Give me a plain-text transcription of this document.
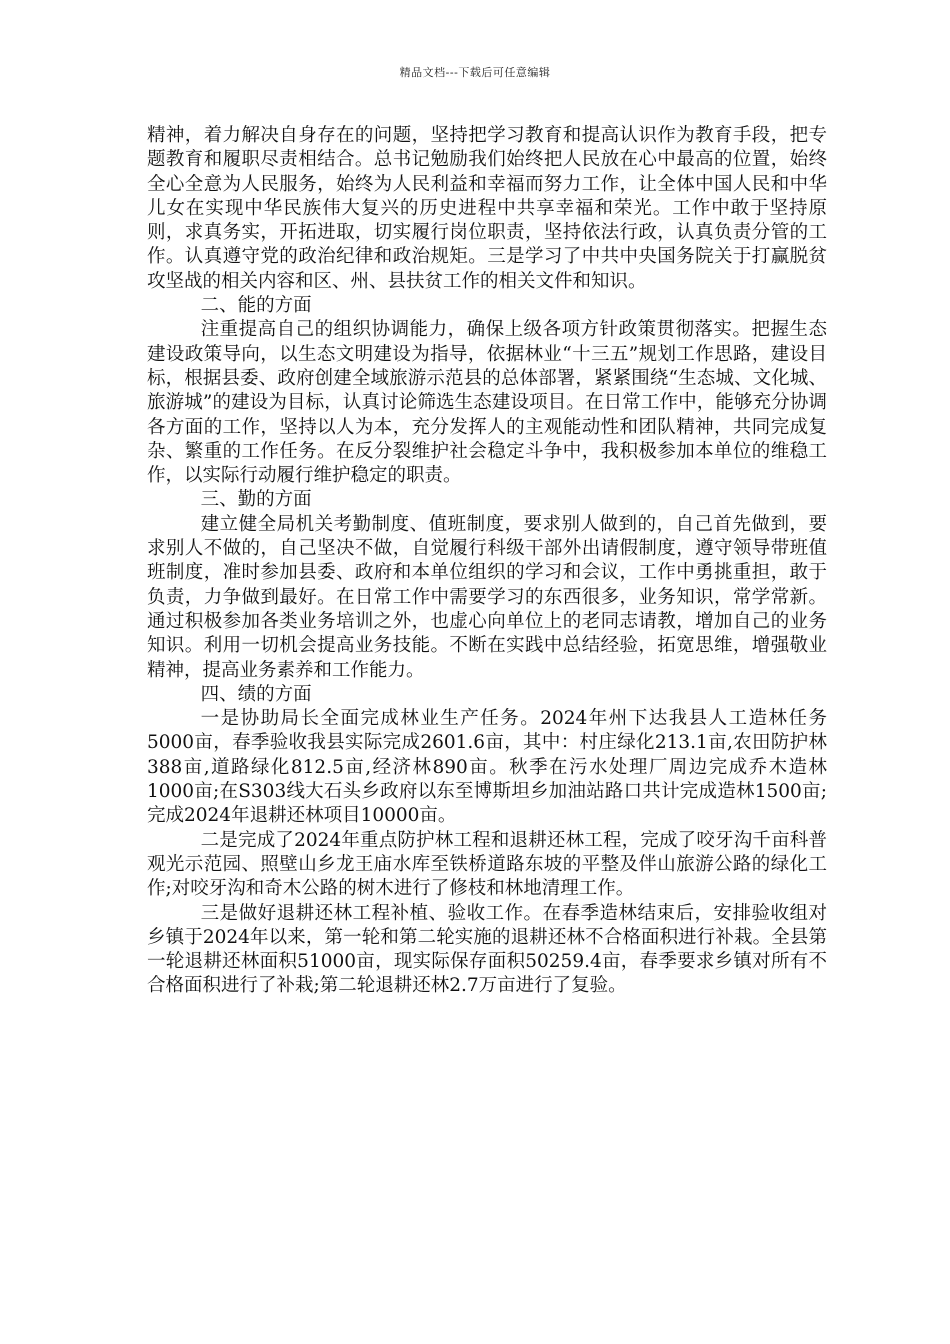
精品文档---下载后可任意编辑

精神，着力解决自身存在的问题，坚持把学习教育和提高认识作为教育手段，把专题教育和履职尽责相结合。总书记勉励我们始终把人民放在心中最高的位置，始终全心全意为人民服务，始终为人民利益和幸福而努力工作，让全体中国人民和中华儿女在实现中华民族伟大复兴的历史进程中共享幸福和荣光。工作中敢于坚持原则，求真务实，开拓进取，切实履行岗位职责，坚持依法行政，认真负责分管的工作。认真遵守党的政治纪律和政治规矩。三是学习了中共中央国务院关于打赢脱贫攻坚战的相关内容和区、州、县扶贫工作的相关文件和知识。

二、能的方面

注重提高自己的组织协调能力，确保上级各项方针政策贯彻落实。把握生态建设政策导向，以生态文明建设为指导，依据林业“十三五”规划工作思路，建设目标，根据县委、政府创建全域旅游示范县的总体部署，紧紧围绕“生态城、文化城、旅游城”的建设为目标，认真讨论筛选生态建设项目。在日常工作中，能够充分协调各方面的工作，坚持以人为本，充分发挥人的主观能动性和团队精神，共同完成复杂、繁重的工作任务。在反分裂维护社会稳定斗争中，我积极参加本单位的维稳工作，以实际行动履行维护稳定的职责。

三、勤的方面

建立健全局机关考勤制度、值班制度，要求别人做到的，自己首先做到，要求别人不做的，自己坚决不做，自觉履行科级干部外出请假制度，遵守领导带班值班制度，准时参加县委、政府和本单位组织的学习和会议，工作中勇挑重担，敢于负责，力争做到最好。在日常工作中需要学习的东西很多，业务知识，常学常新。通过积极参加各类业务培训之外，也虚心向单位上的老同志请教，增加自己的业务知识。利用一切机会提高业务技能。不断在实践中总结经验，拓宽思维，增强敬业精神，提高业务素养和工作能力。

四、绩的方面

一是协助局长全面完成林业生产任务。2024年州下达我县人工造林任务5000亩，春季验收我县实际完成2601.6亩，其中：村庄绿化213.1亩,农田防护林388亩,道路绿化812.5亩,经济林890亩。秋季在污水处理厂周边完成乔木造林1000亩;在S303线大石头乡政府以东至博斯坦乡加油站路口共计完成造林1500亩;完成2024年退耕还林项目10000亩。

二是完成了2024年重点防护林工程和退耕还林工程，完成了咬牙沟千亩科普观光示范园、照壁山乡龙王庙水库至铁桥道路东坡的平整及伴山旅游公路的绿化工作;对咬牙沟和奇木公路的树木进行了修枝和林地清理工作。

三是做好退耕还林工程补植、验收工作。在春季造林结束后，安排验收组对乡镇于2024年以来，第一轮和第二轮实施的退耕还林不合格面积进行补栽。全县第一轮退耕还林面积51000亩，现实际保存面积50259.4亩，春季要求乡镇对所有不合格面积进行了补栽;第二轮退耕还林2.7万亩进行了复验。
